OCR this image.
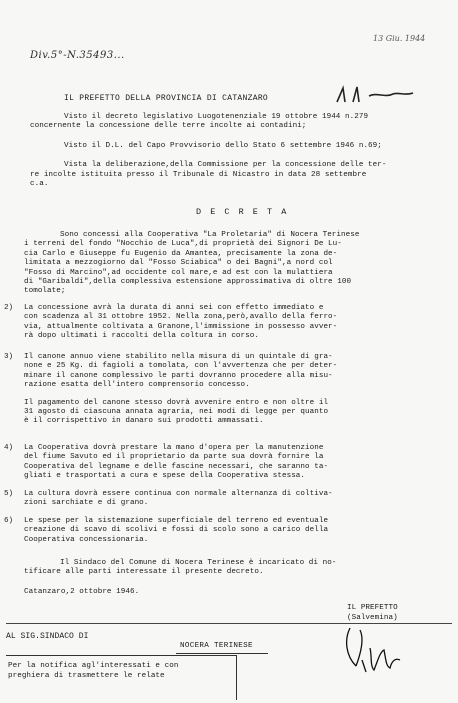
Div.5°-N.35493...
13 Giu. 1944
IL PREFETTO DELLA PROVINCIA DI CATANZARO
Visto il decreto legislativo Luogotenenziale 19 ottobre 1944 n.279
concernente la concessione delle terre incolte ai contadini;
Visto il D.L. del Capo Provvisorio dello Stato 6 settembre 1946 n.69;
Vista la deliberazione,della Commissione per la concessione delle ter-
re incolte istituita presso il Tribunale di Nicastro in data 28 settembre
c.a.
D E C R E T A
Sono concessi alla Cooperativa "La Proletaria" di Nocera Terinese
i terreni del fondo "Nocchio de Luca",di proprietà dei Signori De Lu-
cia Carlo e Giuseppe fu Eugenio da Amantea, precisamente la zona de-
limitata a mezzogiorno dal "Fosso Sciabica" o dei Bagni",a nord col
"Fosso di Marcino",ad occidente col mare,e ad est con la mulattiera
di "Garibaldi",della complessiva estensione approssimativa di oltre 100
tomolate;
2) La concessione avrà la durata di anni sei con effetto immediato e
con scadenza al 31 ottobre 1952. Nella zona,però,avallo della ferro-
via, attualmente coltivata a Granone,l'immissione in possesso avver-
rà dopo ultimati i raccolti della coltura in corso.
3) Il canone annuo viene stabilito nella misura di un quintale di gra-
none e 25 Kg. di fagioli a tomolata, con l'avvertenza che per deter-
minare il canone complessivo le parti dovranno procedere alla misu-
razione esatta dell'intero comprensorio concesso.
Il pagamento del canone stesso dovrà avvenire entro e non oltre il
31 agosto di ciascuna annata agraria, nei modi di legge per quanto
è il corrispettivo in danaro sui prodotti ammassati.
4) La Cooperativa dovrà prestare la mano d'opera per la manutenzione
del fiume Savuto ed il proprietario da parte sua dovrà fornire la
Cooperativa del legname e delle fascine necessari, che saranno ta-
gliati e trasportati a cura e spese della Cooperativa stessa.
5) La cultura dovrà essere continua con normale alternanza di coltiva-
zioni sarchiate e di grano.
6) Le spese per la sistemazione superficiale del terreno ed eventuale
creazione di scavo di scolivi e fossi di scolo sono a carico della
Cooperativa concessionaria.
Il Sindaco del Comune di Nocera Terinese è incaricato di no-
tificare alle parti interessate il presente decreto.
Catanzaro,2 ottobre 1946.
IL PREFETTO
(Salvemina)
AL SIG.SINDACO DI
NOCERA TERINESE
Per la notifica agl'interessati e con
preghiera di trasmettere le relate
